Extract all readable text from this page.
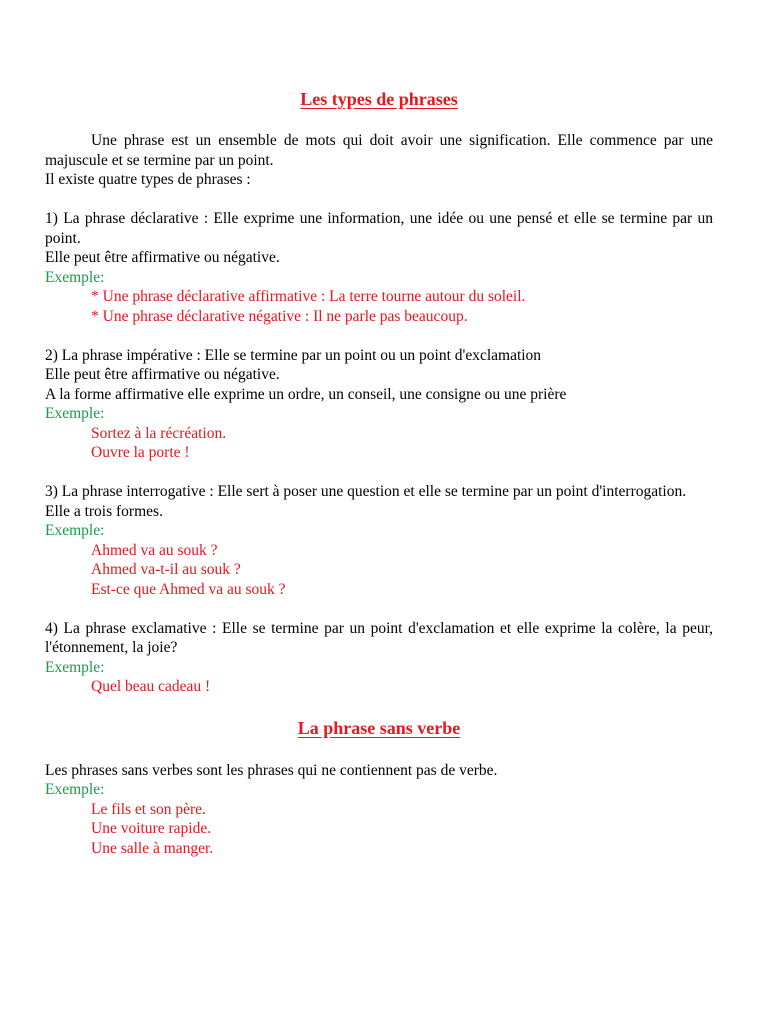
Les types de phrases

Une phrase est un ensemble de mots qui doit avoir une signification. Elle commence par une majuscule et se termine par un point.

Il existe quatre types de phrases :

1) La phrase déclarative : Elle exprime une information, une idée ou une pensé et elle se termine par un point.

Elle peut être affirmative ou négative.

Exemple:

* Une phrase déclarative affirmative : La terre tourne autour du soleil.

* Une phrase déclarative négative : Il ne parle pas beaucoup.

2) La phrase impérative : Elle se termine par un point ou un point d'exclamation

Elle peut être affirmative ou négative.

A la forme affirmative elle exprime un ordre, un conseil, une consigne ou une prière

Exemple:

Sortez à la récréation.

Ouvre la porte !

3) La phrase interrogative : Elle sert à poser une question et elle se termine par un point d'interrogation.

Elle a trois formes.

Exemple:

Ahmed va au souk ?

Ahmed va-t-il au souk ?

Est-ce que Ahmed va au souk ?

4) La phrase exclamative : Elle se termine par un point d'exclamation et elle exprime la colère, la peur, l'étonnement, la joie?

Exemple:

Quel beau cadeau !

La phrase sans verbe

Les phrases sans verbes sont les phrases qui ne contiennent pas de verbe.

Exemple:

Le fils et son père.

Une voiture rapide.

Une salle à manger.
